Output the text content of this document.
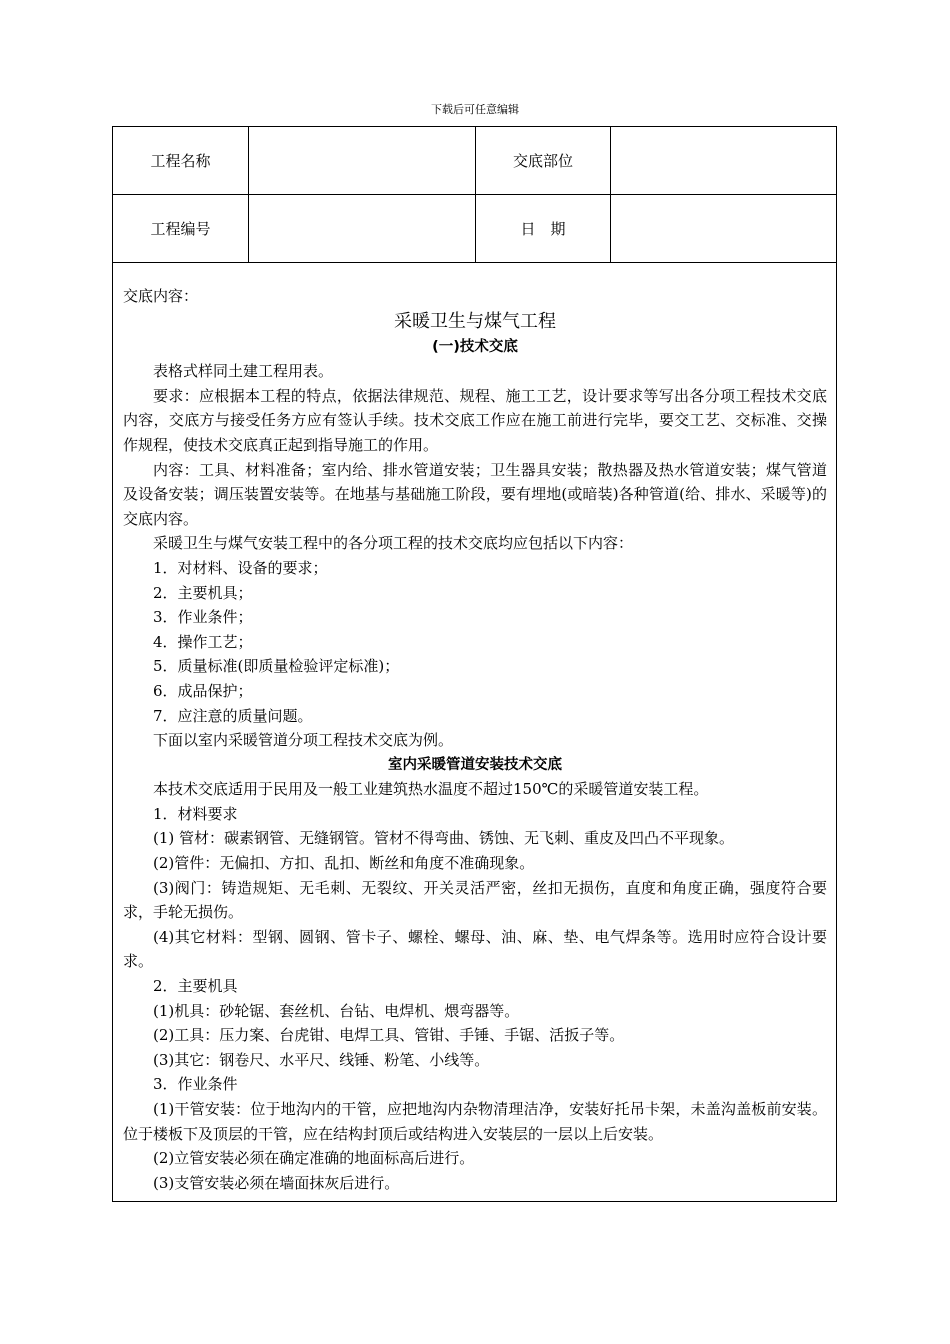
下载后可任意编辑
工程名称	交底部位
工程编号	日　期

交底内容：

采暖卫生与煤气工程

(一)技术交底

表格式样同土建工程用表。

要求：应根据本工程的特点，依据法律规范、规程、施工工艺，设计要求等写出各分项工程技术交底内容，交底方与接受任务方应有签认手续。技术交底工作应在施工前进行完毕，要交工艺、交标准、交操作规程，使技术交底真正起到指导施工的作用。

内容：工具、材料准备；室内给、排水管道安装；卫生器具安装；散热器及热水管道安装；煤气管道及设备安装；调压装置安装等。在地基与基础施工阶段，要有埋地(或暗装)各种管道(给、排水、采暖等)的交底内容。

采暖卫生与煤气安装工程中的各分项工程的技术交底均应包括以下内容：

1．对材料、设备的要求；

2．主要机具；

3．作业条件；

4．操作工艺；

5．质量标准(即质量检验评定标准)；

6．成品保护；

7．应注意的质量问题。

下面以室内采暖管道分项工程技术交底为例。

室内采暖管道安装技术交底

本技术交底适用于民用及一般工业建筑热水温度不超过150℃的采暖管道安装工程。

1．材料要求

(1) 管材：碳素钢管、无缝钢管。管材不得弯曲、锈蚀、无飞刺、重皮及凹凸不平现象。

(2)管件：无偏扣、方扣、乱扣、断丝和角度不准确现象。

(3)阀门：铸造规矩、无毛刺、无裂纹、开关灵活严密，丝扣无损伤，直度和角度正确，强度符合要求，手轮无损伤。

(4)其它材料：型钢、圆钢、管卡子、螺栓、螺母、油、麻、垫、电气焊条等。选用时应符合设计要求。

2．主要机具

(1)机具：砂轮锯、套丝机、台钻、电焊机、煨弯器等。

(2)工具：压力案、台虎钳、电焊工具、管钳、手锤、手锯、活扳子等。

(3)其它：钢卷尺、水平尺、线锤、粉笔、小线等。

3．作业条件

(1)干管安装：位于地沟内的干管，应把地沟内杂物清理洁净，安装好托吊卡架，未盖沟盖板前安装。位于楼板下及顶层的干管，应在结构封顶后或结构进入安装层的一层以上后安装。

(2)立管安装必须在确定准确的地面标高后进行。

(3)支管安装必须在墙面抹灰后进行。
